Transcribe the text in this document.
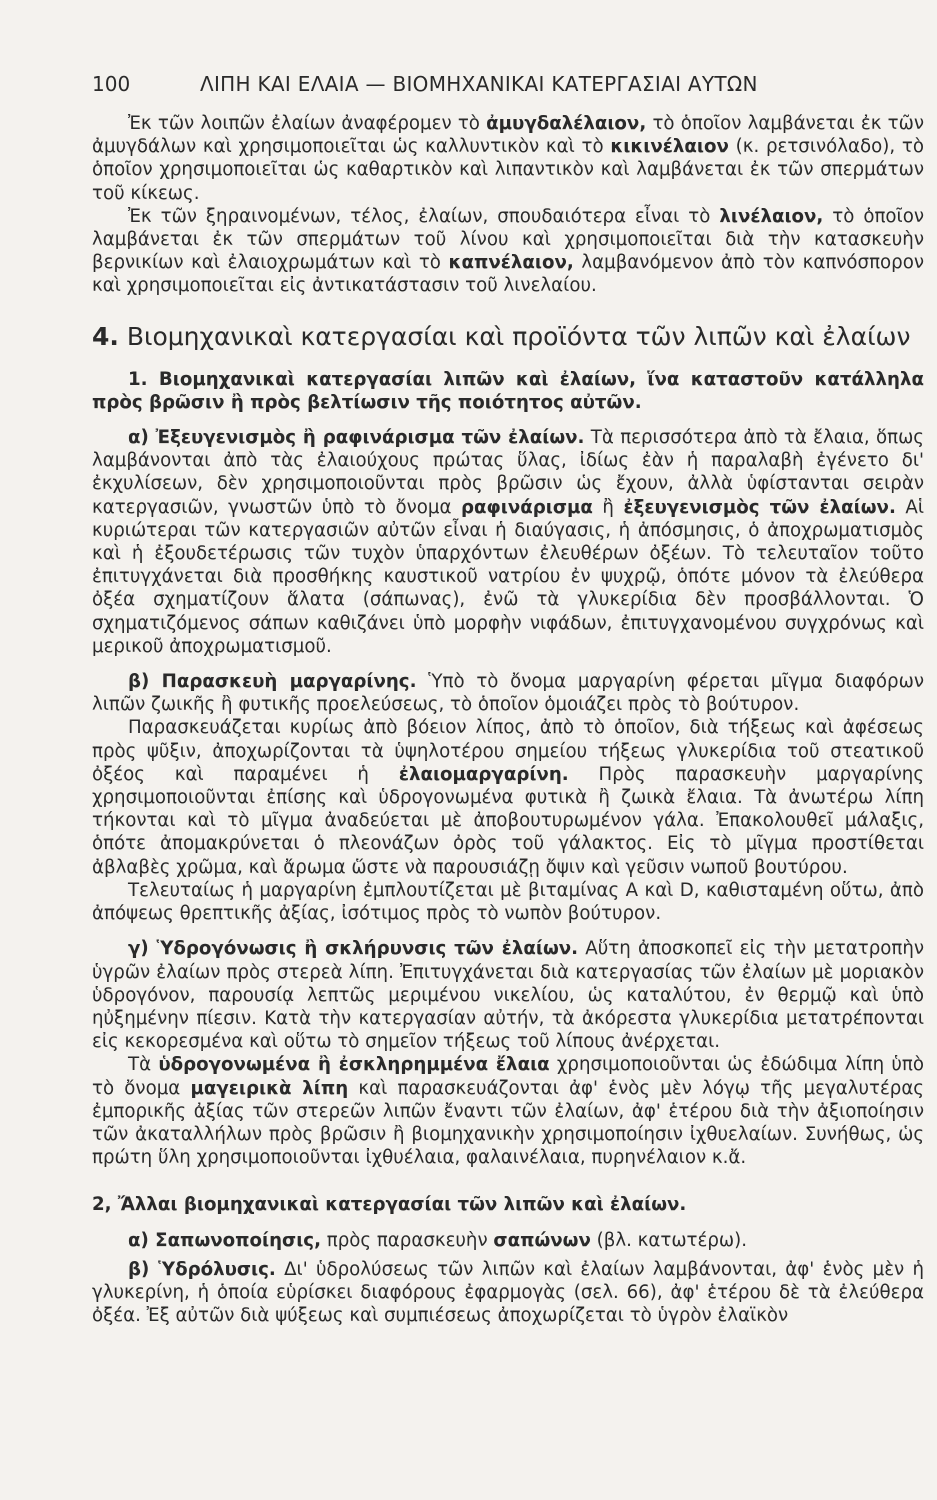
100	ΛΙΠΗ ΚΑΙ ΕΛΑΙΑ — ΒΙΟΜΗΧΑΝΙΚΑΙ ΚΑΤΕΡΓΑΣΙΑΙ ΑΥΤΩΝ

Ἐκ τῶν λοιπῶν ἐλαίων ἀναφέρομεν τὸ ἀμυγδαλέλαιον, τὸ ὁποῖον λαμβάνεται ἐκ τῶν ἀμυγδάλων καὶ χρησιμοποιεῖται ὡς καλλυντικὸν καὶ τὸ κικινέλαιον (κ. ρετσινόλαδο), τὸ ὁποῖον χρησιμοποιεῖται ὡς καθαρτικὸν καὶ λιπαντικὸν καὶ λαμβάνεται ἐκ τῶν σπερμάτων τοῦ κίκεως.

Ἐκ τῶν ξηραινομένων, τέλος, ἐλαίων, σπουδαιότερα εἶναι τὸ λινέλαιον, τὸ ὁποῖον λαμβάνεται ἐκ τῶν σπερμάτων τοῦ λίνου καὶ χρησιμοποιεῖται διὰ τὴν κατασκευὴν βερνικίων καὶ ἐλαιοχρωμάτων καὶ τὸ καπνέλαιον, λαμβανόμενον ἀπὸ τὸν καπνόσπορον καὶ χρησιμοποιεῖται εἰς ἀντικατάστασιν τοῦ λινελαίου.

4. Βιομηχανικαὶ κατεργασίαι καὶ προϊόντα τῶν λιπῶν καὶ ἐλαίων

1. Βιομηχανικαὶ κατεργασίαι λιπῶν καὶ ἐλαίων, ἵνα καταστοῦν κατάλληλα πρὸς βρῶσιν ἢ πρὸς βελτίωσιν τῆς ποιότητος αὐτῶν.

α) Ἐξευγενισμὸς ἢ ραφινάρισμα τῶν ἐλαίων. Τὰ περισσότερα ἀπὸ τὰ ἔλαια, ὅπως λαμβάνονται ἀπὸ τὰς ἐλαιούχους πρώτας ὕλας, ἰδίως ἐὰν ἡ παραλαβὴ ἐγένετο δι' ἐκχυλίσεων, δὲν χρησιμοποιοῦνται πρὸς βρῶσιν ὡς ἔχουν, ἀλλὰ ὑφίστανται σειρὰν κατεργασιῶν, γνωστῶν ὑπὸ τὸ ὄνομα ραφινάρισμα ἢ ἐξευγενισμὸς τῶν ἐλαίων. Αἱ κυριώτεραι τῶν κατεργασιῶν αὐτῶν εἶναι ἡ διαύγασις, ἡ ἀπόσμησις, ὁ ἀποχρωματισμὸς καὶ ἡ ἐξουδετέρωσις τῶν τυχὸν ὑπαρχόντων ἐλευθέρων ὀξέων. Τὸ τελευταῖον τοῦτο ἐπιτυγχάνεται διὰ προσθήκης καυστικοῦ νατρίου ἐν ψυχρῷ, ὁπότε μόνον τὰ ἐλεύθερα ὀξέα σχηματίζουν ἅλατα (σάπωνας), ἐνῶ τὰ γλυκερίδια δὲν προσβάλλονται. Ὁ σχηματιζόμενος σάπων καθιζάνει ὑπὸ μορφὴν νιφάδων, ἐπιτυγχανομένου συγχρόνως καὶ μερικοῦ ἀποχρωματισμοῦ.

β) Παρασκευὴ μαργαρίνης. Ὑπὸ τὸ ὄνομα μαργαρίνη φέρεται μῖγμα διαφόρων λιπῶν ζωικῆς ἢ φυτικῆς προελεύσεως, τὸ ὁποῖον ὁμοιάζει πρὸς τὸ βούτυρον.

Παρασκευάζεται κυρίως ἀπὸ βόειον λίπος, ἀπὸ τὸ ὁποῖον, διὰ τήξεως καὶ ἀφέσεως πρὸς ψῦξιν, ἀποχωρίζονται τὰ ὑψηλοτέρου σημείου τήξεως γλυκερίδια τοῦ στεατικοῦ ὀξέος καὶ παραμένει ἡ ἐλαιομαργαρίνη. Πρὸς παρασκευὴν μαργαρίνης χρησιμοποιοῦνται ἐπίσης καὶ ὑδρογονωμένα φυτικὰ ἢ ζωικὰ ἔλαια. Τὰ ἀνωτέρω λίπη τήκονται καὶ τὸ μῖγμα ἀναδεύεται μὲ ἀποβουτυρωμένον γάλα. Ἐπακολουθεῖ μάλαξις, ὁπότε ἀπομακρύνεται ὁ πλεονάζων ὀρὸς τοῦ γάλακτος. Εἰς τὸ μῖγμα προστίθεται ἀβλαβὲς χρῶμα, καὶ ἄρωμα ὥστε νὰ παρουσιάζῃ ὄψιν καὶ γεῦσιν νωποῦ βουτύρου.

Τελευταίως ἡ μαργαρίνη ἐμπλουτίζεται μὲ βιταμίνας A καὶ D, καθισταμένη οὕτω, ἀπὸ ἀπόψεως θρεπτικῆς ἀξίας, ἰσότιμος πρὸς τὸ νωπὸν βούτυρον.

γ) Ὑδρογόνωσις ἢ σκλήρυνσις τῶν ἐλαίων. Αὕτη ἀποσκοπεῖ εἰς τὴν μετατροπὴν ὑγρῶν ἐλαίων πρὸς στερεὰ λίπη. Ἐπιτυγχάνεται διὰ κατεργασίας τῶν ἐλαίων μὲ μοριακὸν ὑδρογόνον, παρουσίᾳ λεπτῶς μεριμένου νικελίου, ὡς καταλύτου, ἐν θερμῷ καὶ ὑπὸ ηὐξημένην πίεσιν. Κατὰ τὴν κατεργασίαν αὐτήν, τὰ ἀκόρεστα γλυκερίδια μετατρέπονται εἰς κεκορεσμένα καὶ οὕτω τὸ σημεῖον τήξεως τοῦ λίπους ἀνέρχεται.

Τὰ ὑδρογονωμένα ἢ ἐσκληρημμένα ἔλαια χρησιμοποιοῦνται ὡς ἐδώδιμα λίπη ὑπὸ τὸ ὄνομα μαγειρικὰ λίπη καὶ παρασκευάζονται ἀφ' ἑνὸς μὲν λόγῳ τῆς μεγαλυτέρας ἐμπορικῆς ἀξίας τῶν στερεῶν λιπῶν ἔναντι τῶν ἐλαίων, ἀφ' ἑτέρου διὰ τὴν ἀξιοποίησιν τῶν ἀκαταλλήλων πρὸς βρῶσιν ἢ βιομηχανικὴν χρησιμοποίησιν ἰχθυελαίων. Συνήθως, ὡς πρώτη ὕλη χρησιμοποιοῦνται ἰχθυέλαια, φαλαινέλαια, πυρηνέλαιον κ.ἄ.

2, Ἄλλαι βιομηχανικαὶ κατεργασίαι τῶν λιπῶν καὶ ἐλαίων.

α) Σαπωνοποίησις, πρὸς παρασκευὴν σαπώνων (βλ. κατωτέρω).

β) Ὑδρόλυσις. Δι' ὑδρολύσεως τῶν λιπῶν καὶ ἐλαίων λαμβάνονται, ἀφ' ἑνὸς μὲν ἡ γλυκερίνη, ἡ ὁποία εὑρίσκει διαφόρους ἐφαρμογὰς (σελ. 66), ἀφ' ἑτέρου δὲ τὰ ἐλεύθερα ὀξέα. Ἐξ αὐτῶν διὰ ψύξεως καὶ συμπιέσεως ἀποχωρίζεται τὸ ὑγρὸν ἐλαϊκὸν
